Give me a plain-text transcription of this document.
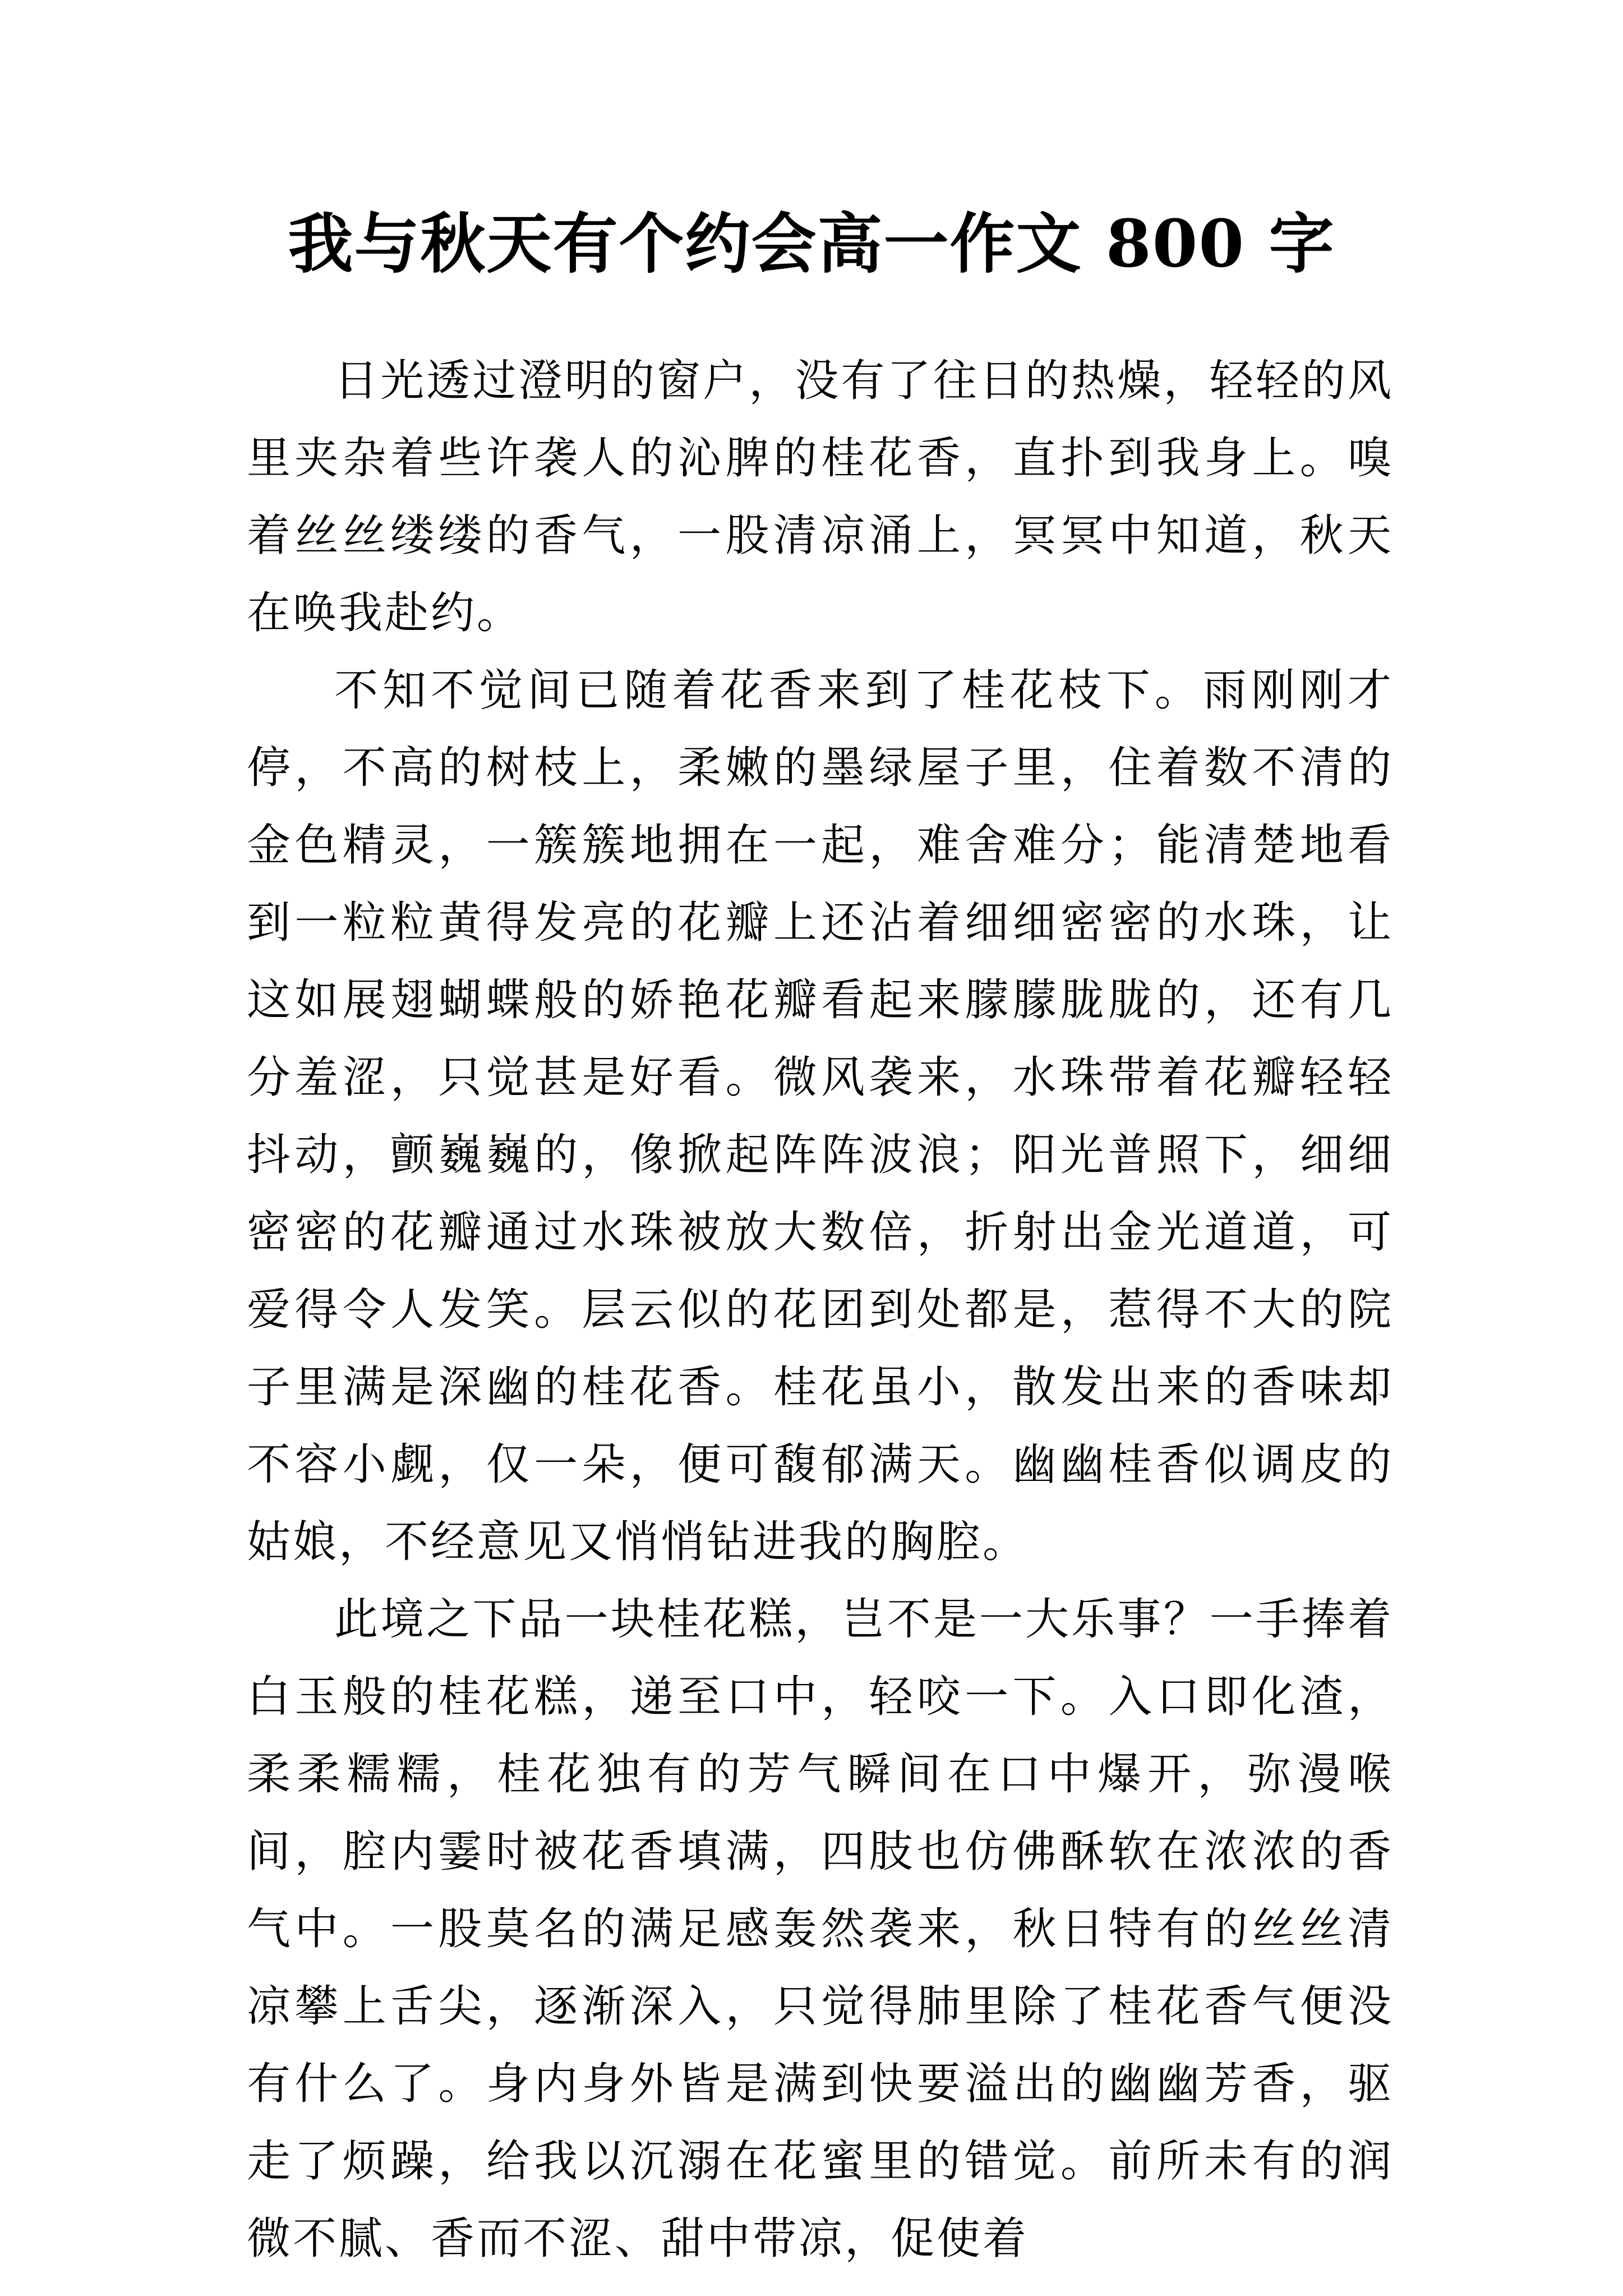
我与秋天有个约会高一作文 800 字

日光透过澄明的窗户，没有了往日的热燥，轻轻的风里夹杂着些许袭人的沁脾的桂花香，直扑到我身上。嗅着丝丝缕缕的香气，一股清凉涌上，冥冥中知道，秋天在唤我赴约。

不知不觉间已随着花香来到了桂花枝下。雨刚刚才停，不高的树枝上，柔嫩的墨绿屋子里，住着数不清的金色精灵，一簇簇地拥在一起，难舍难分；能清楚地看到一粒粒黄得发亮的花瓣上还沾着细细密密的水珠，让这如展翅蝴蝶般的娇艳花瓣看起来朦朦胧胧的，还有几分羞涩，只觉甚是好看。微风袭来，水珠带着花瓣轻轻抖动，颤巍巍的，像掀起阵阵波浪；阳光普照下，细细密密的花瓣通过水珠被放大数倍，折射出金光道道，可爱得令人发笑。层云似的花团到处都是，惹得不大的院子里满是深幽的桂花香。桂花虽小，散发出来的香味却不容小觑，仅一朵，便可馥郁满天。幽幽桂香似调皮的姑娘，不经意见又悄悄钻进我的胸腔。

此境之下品一块桂花糕，岂不是一大乐事？一手捧着白玉般的桂花糕，递至口中，轻咬一下。入口即化渣，柔柔糯糯，桂花独有的芳气瞬间在口中爆开，弥漫喉间，腔内霎时被花香填满，四肢也仿佛酥软在浓浓的香气中。一股莫名的满足感轰然袭来，秋日特有的丝丝清凉攀上舌尖，逐渐深入，只觉得肺里除了桂花香气便没有什么了。身内身外皆是满到快要溢出的幽幽芳香，驱走了烦躁，给我以沉溺在花蜜里的错觉。前所未有的润微不腻、香而不涩、甜中带凉，促使着
